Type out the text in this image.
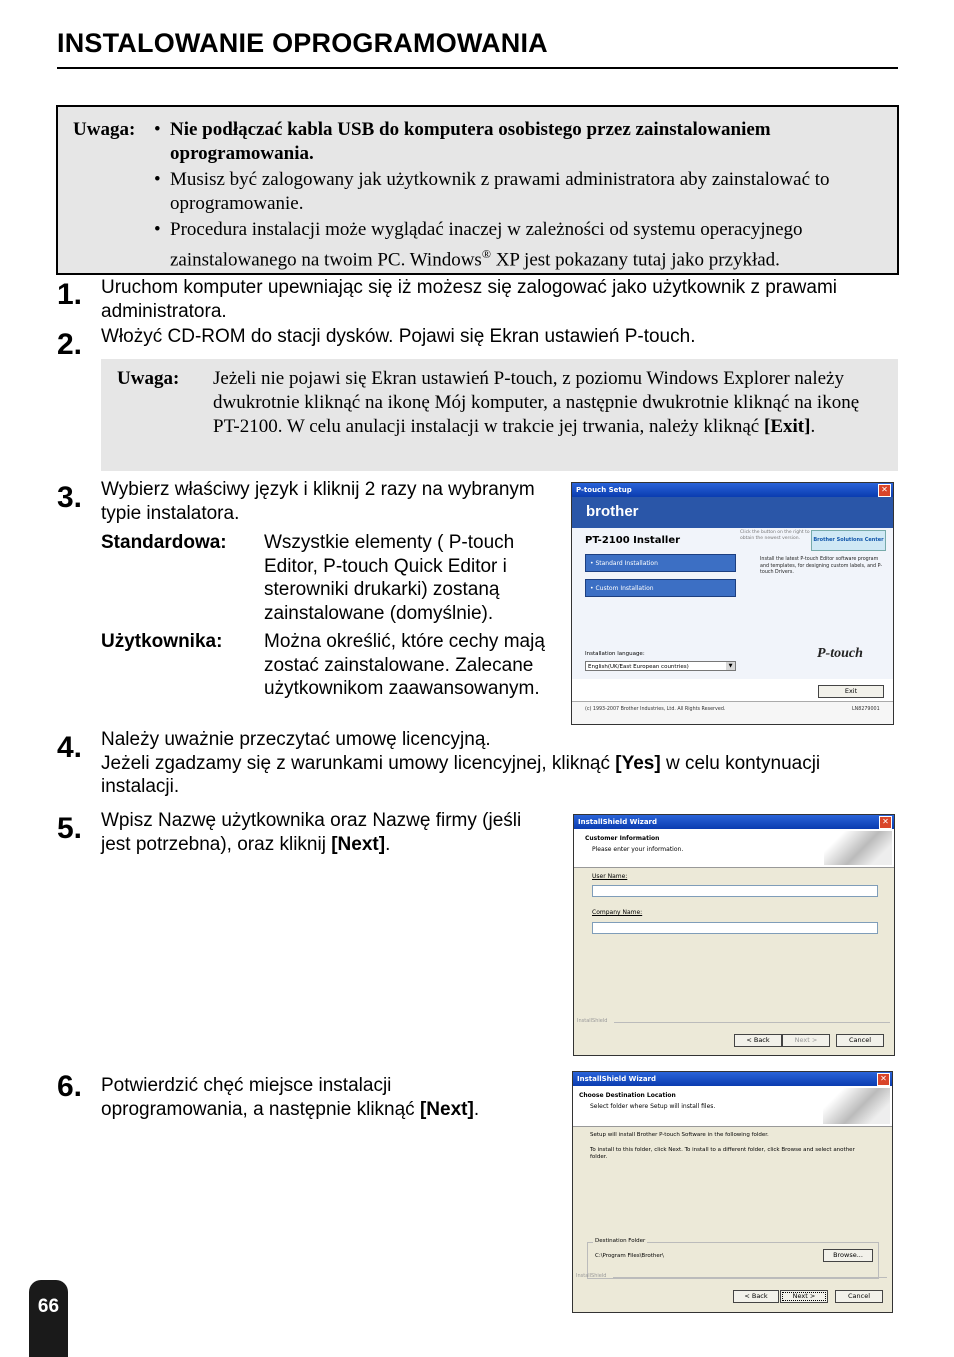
INSTALOWANIE OPROGRAMOWANIA
Uwaga: • Nie podłączać kabla USB do komputera osobistego przez zainstalowaniem oprogramowania.
• Musisz być zalogowany jak użytkownik z prawami administratora aby zainstalować to oprogramowanie.
• Procedura instalacji może wyglądać inaczej w zależności od systemu operacyjnego zainstalowanego na twoim PC. Windows® XP jest pokazany tutaj jako przykład.
1. Uruchom komputer upewniając się iż możesz się zalogować jako użytkownik z prawami administratora.
2. Włożyć CD-ROM do stacji dysków. Pojawi się Ekran ustawień P-touch.
Uwaga: Jeżeli nie pojawi się Ekran ustawień P-touch, z poziomu Windows Explorer należy dwukrotnie kliknąć na ikonę Mój komputer, a następnie dwukrotnie kliknąć na ikonę PT-2100. W celu anulacji instalacji w trakcie jej trwania, należy kliknąć [Exit].
3. Wybierz właściwy język i kliknij 2 razy na wybranym typie instalatora.
Standardowa: Wszystkie elementy ( P-touch Editor, P-touch Quick Editor i sterowniki drukarki) zostaną zainstalowane (domyślnie).
Użytkownika: Można określić, które cechy mają zostać zainstalowane. Zalecane użytkownikom zaawansowanym.
P-touch Setup	✕
brother
PT-2100 Installer
Click the button on the right to obtain the newest version.	Brother Solutions Center
Install the latest P-touch Editor software program and templates, for designing custom labels, and P-touch Drivers.
• Standard Installation
• Custom Installation
Installation language:
English(UK/East European countries)	▼
P-touch
Exit
(c) 1993-2007 Brother Industries, Ltd. All Rights Reserved.	LN8279001
4. Należy uważnie przeczytać umowę licencyjną.
Jeżeli zgadzamy się z warunkami umowy licencyjnej, kliknąć [Yes] w celu kontynuacji instalacji.
5. Wpisz Nazwę użytkownika oraz Nazwę firmy (jeśli jest potrzebna), oraz kliknij [Next].
InstallShield Wizard	✕
Customer Information
Please enter your information.
User Name:
Company Name:
InstallShield
< Back	Next >	Cancel
6. Potwierdzić chęć miejsce instalacji oprogramowania, a następnie kliknąć [Next].
InstallShield Wizard	✕
Choose Destination Location
Select folder where Setup will install files.
Setup will install Brother P-touch Software in the following folder.
To install to this folder, click Next. To install to a different folder, click Browse and select another folder.
Destination Folder
C:\Program Files\Brother\	Browse...
InstallShield
< Back	Next >	Cancel
66
